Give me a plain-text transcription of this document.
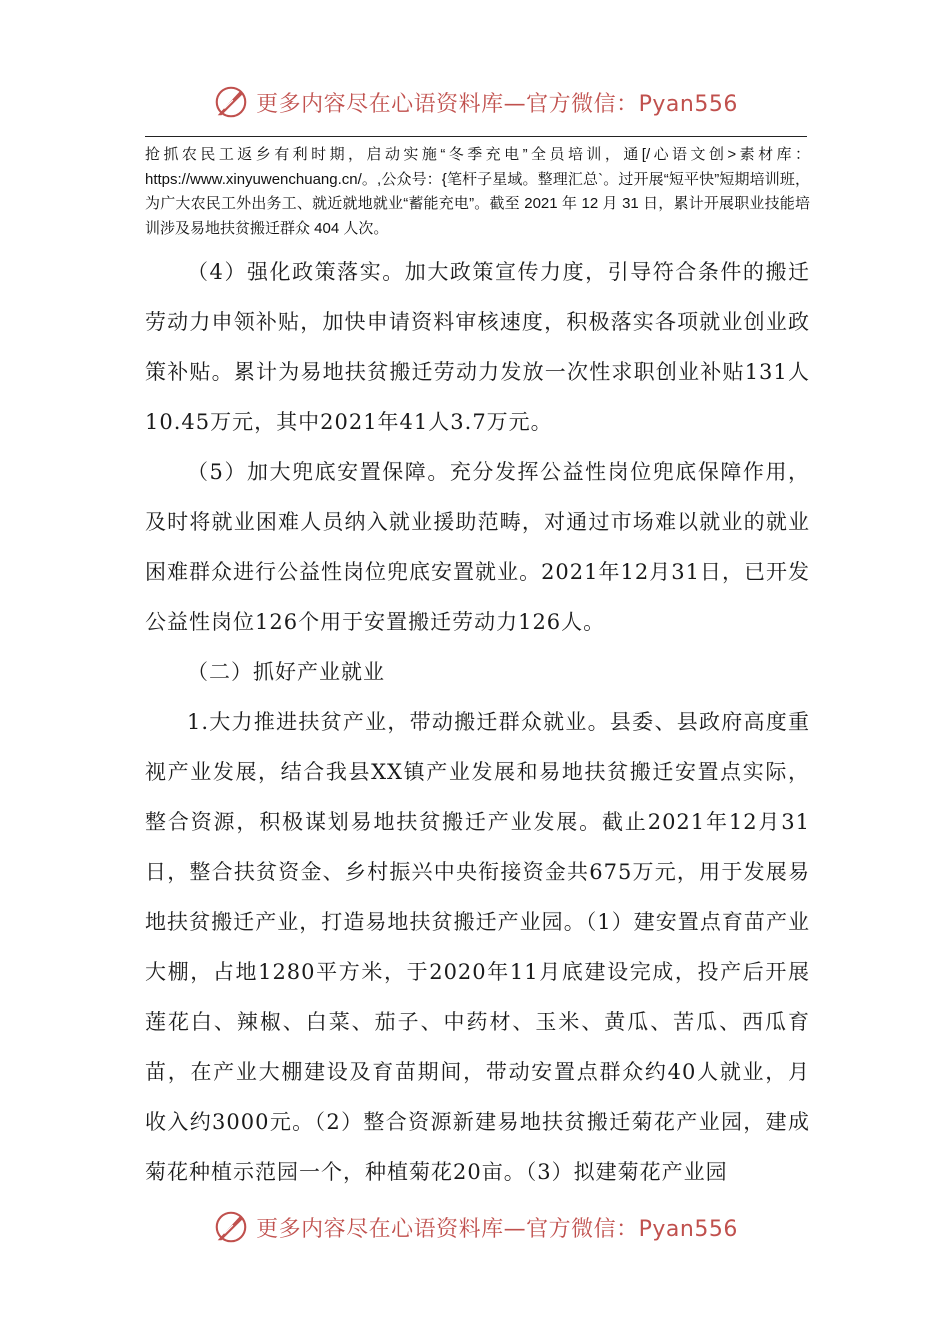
更多内容尽在心语资料库—官方微信：Pyan556

抢抓农民工返乡有利时期，启动实施“冬季充电”全员培训，通[/心语文创>素材库：https://www.xinyuwenchuang.cn/。,公众号：{笔杆子星域。整理汇总`。过开展“短平快”短期培训班，为广大农民工外出务工、就近就地就业“蓄能充电”。截至 2021 年 12 月 31 日，累计开展职业技能培训涉及易地扶贫搬迁群众 404 人次。

（4）强化政策落实。加大政策宣传力度，引导符合条件的搬迁劳动力申领补贴，加快申请资料审核速度，积极落实各项就业创业政策补贴。累计为易地扶贫搬迁劳动力发放一次性求职创业补贴131人10.45万元，其中2021年41人3.7万元。

（5）加大兜底安置保障。充分发挥公益性岗位兜底保障作用，及时将就业困难人员纳入就业援助范畴，对通过市场难以就业的就业困难群众进行公益性岗位兜底安置就业。2021年12月31日，已开发公益性岗位126个用于安置搬迁劳动力126人。

（二）抓好产业就业

1.大力推进扶贫产业，带动搬迁群众就业。县委、县政府高度重视产业发展，结合我县XX镇产业发展和易地扶贫搬迁安置点实际，整合资源，积极谋划易地扶贫搬迁产业发展。截止2021年12月31日，整合扶贫资金、乡村振兴中央衔接资金共675万元，用于发展易地扶贫搬迁产业，打造易地扶贫搬迁产业园。（1）建安置点育苗产业大棚，占地1280平方米，于2020年11月底建设完成，投产后开展莲花白、辣椒、白菜、茄子、中药材、玉米、黄瓜、苦瓜、西瓜育苗，在产业大棚建设及育苗期间，带动安置点群众约40人就业，月收入约3000元。（2）整合资源新建易地扶贫搬迁菊花产业园，建成菊花种植示范园一个，种植菊花20亩。（3）拟建菊花产业园

更多内容尽在心语资料库—官方微信：Pyan556
